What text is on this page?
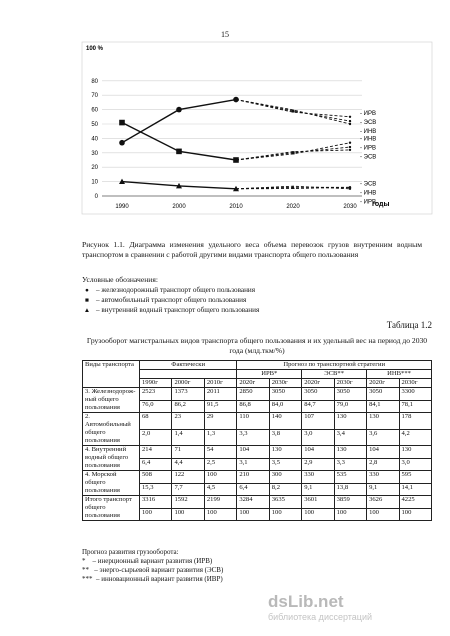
15
0
10
20
30
40
50
60
70
80
1990	2000	2010	2020	2030
- ИРВ
- ЭСВ
- ИНВ
- ИНВ
- ИРВ
- ЭСВ
- ЭСВ
- ИНВ
- ИРВ
100 %
годы
Рисунок 1.1. Диаграмма изменения удельного веса объема перевозок грузов внутренним водным транспортом в сравнении с работой другими видами транспорта общего пользования
Условные обозначения:
● – железнодорожный транспорт общего пользования
■ – автомобильный транспорт общего пользования
▲ – внутренний водный транспорт общего пользования
Таблица 1.2
Грузооборот магистральных видов транспорта общего пользования и их удельный вес на период до 2030 года (млд.ткм/%)
Виды транспорта	Фактически			Прогноз по транспортной стратегии					
				ИРВ*		ЭСВ**		ИНВ***	
	1990г	2000г	2010г	2020г	2030г	2020г	2030г	2020г	2030г
3. Железнодорож-ный общего пользования	2523	1373	2011	2850	3050	3050	3050	3050	3300
	76,0	86,2	91,5	86,8	84,0	84,7	79,0	84,1	78,1
2. Автомобильный общего пользования	68	23	29	110	140	107	130	130	178
	2,0	1,4	1,3	3,3	3,8	3,0	3,4	3,6	4,2
4. Внутренний водный общего пользования	214	71	54	104	130	104	130	104	130
	6,4	4,4	2,5	3,1	3,5	2,9	3,3	2,8	3,0
4. Морской общего пользования	508	122	100	210	300	330	535	330	595
	15,3	7,7	4,5	6,4	8,2	9,1	13,8	9,1	14,1
Итого транспорт общего пользования	3316	1592	2199	3284	3635	3601	3859	3626	4225
	100	100	100	100	100	100	100	100	100
Прогноз развития грузооборота:
*    – инерционный вариант развития (ИРВ)
**   – энерго-сырьевой вариант развития (ЭСВ)
***  – инновационный вариант развития (ИВР)
dsLib.net
библиотека диссертаций
